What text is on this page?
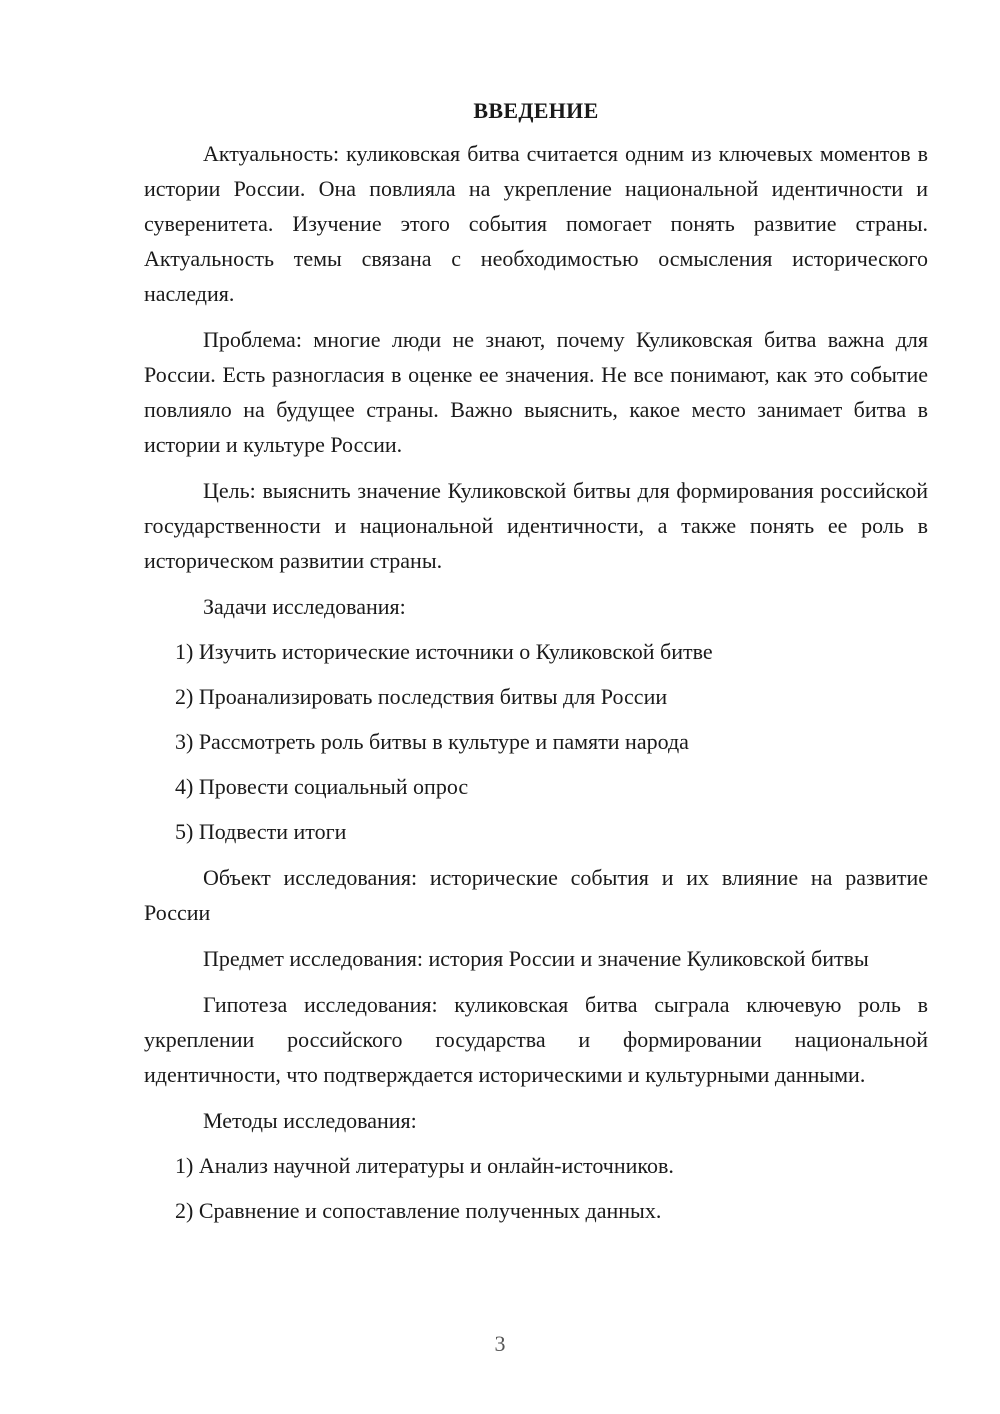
ВВЕДЕНИЕ

Актуальность: куликовская битва считается одним из ключевых моментов в истории России. Она повлияла на укрепление национальной идентичности и суверенитета. Изучение этого события помогает понять развитие страны. Актуальность темы связана с необходимостью осмысления исторического наследия.

Проблема: многие люди не знают, почему Куликовская битва важна для России. Есть разногласия в оценке ее значения. Не все понимают, как это событие повлияло на будущее страны. Важно выяснить, какое место занимает битва в истории и культуре России.

Цель: выяснить значение Куликовской битвы для формирования российской государственности и национальной идентичности, а также понять ее роль в историческом развитии страны.

Задачи исследования:

1) Изучить исторические источники о Куликовской битве

2) Проанализировать последствия битвы для России

3) Рассмотреть роль битвы в культуре и памяти народа

4) Провести социальный опрос

5) Подвести итоги

Объект исследования: исторические события и их влияние на развитие России

Предмет исследования: история России и значение Куликовской битвы

Гипотеза исследования: куликовская битва сыграла ключевую роль в укреплении российского государства и формировании национальной идентичности, что подтверждается историческими и культурными данными.

Методы исследования:

1) Анализ научной литературы и онлайн-источников.

2) Сравнение и сопоставление полученных данных.

3
